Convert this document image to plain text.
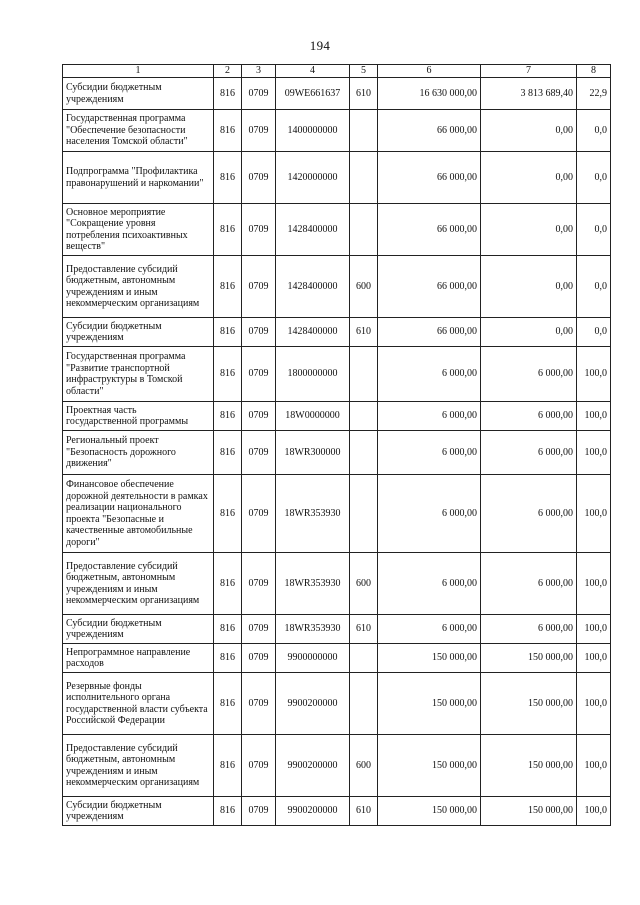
194
1	2	3	4	5	6	7	8
Субсидии бюджетным учреждениям	816	0709	09WE661637	610	16 630 000,00	3 813 689,40	22,9
Государственная программа "Обеспечение безопасности населения Томской области"	816	0709	1400000000		66 000,00	0,00	0,0
Подпрограмма "Профилактика правонарушений и наркомании"	816	0709	1420000000		66 000,00	0,00	0,0
Основное мероприятие "Сокращение уровня потребления психоактивных веществ"	816	0709	1428400000		66 000,00	0,00	0,0
Предоставление субсидий бюджетным, автономным учреждениям и иным некоммерческим организациям	816	0709	1428400000	600	66 000,00	0,00	0,0
Субсидии бюджетным учреждениям	816	0709	1428400000	610	66 000,00	0,00	0,0
Государственная программа "Развитие транспортной инфраструктуры в Томской области"	816	0709	1800000000		6 000,00	6 000,00	100,0
Проектная часть государственной программы	816	0709	18W0000000		6 000,00	6 000,00	100,0
Региональный проект "Безопасность дорожного движения"	816	0709	18WR300000		6 000,00	6 000,00	100,0
Финансовое обеспечение дорожной деятельности в рамках реализации национального проекта "Безопасные и качественные автомобильные дороги"	816	0709	18WR353930		6 000,00	6 000,00	100,0
Предоставление субсидий бюджетным, автономным учреждениям и иным некоммерческим организациям	816	0709	18WR353930	600	6 000,00	6 000,00	100,0
Субсидии бюджетным учреждениям	816	0709	18WR353930	610	6 000,00	6 000,00	100,0
Непрограммное направление расходов	816	0709	9900000000		150 000,00	150 000,00	100,0
Резервные фонды исполнительного органа государственной власти субъекта Российской Федерации	816	0709	9900200000		150 000,00	150 000,00	100,0
Предоставление субсидий бюджетным, автономным учреждениям и иным некоммерческим организациям	816	0709	9900200000	600	150 000,00	150 000,00	100,0
Субсидии бюджетным учреждениям	816	0709	9900200000	610	150 000,00	150 000,00	100,0
